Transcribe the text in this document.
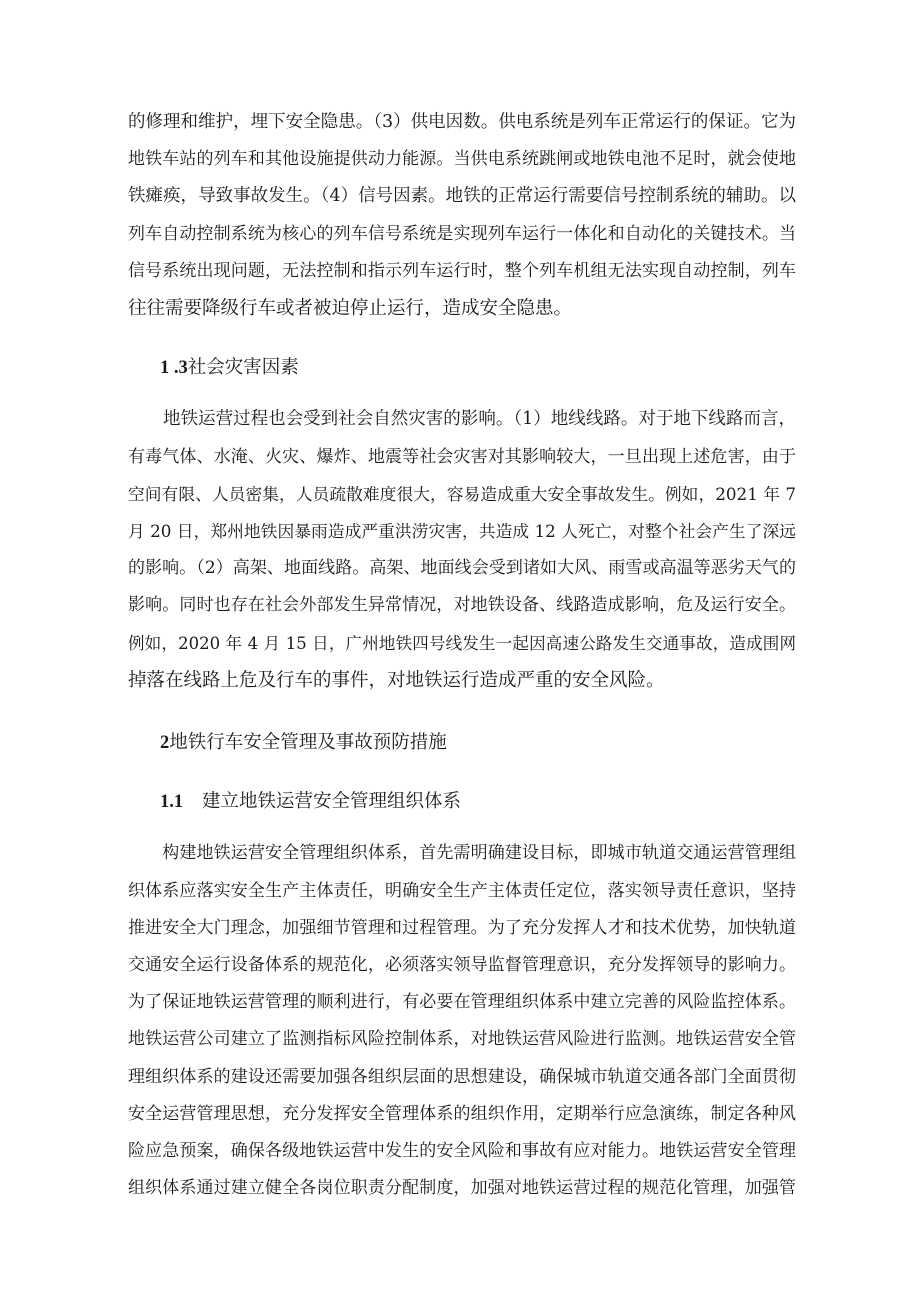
的修理和维护，埋下安全隐患。（3）供电因数。供电系统是列车正常运行的保证。它为
地铁车站的列车和其他设施提供动力能源。当供电系统跳闸或地铁电池不足时，就会使地
铁瘫痪，导致事故发生。（4）信号因素。地铁的正常运行需要信号控制系统的辅助。以
列车自动控制系统为核心的列车信号系统是实现列车运行一体化和自动化的关键技术。当
信号系统出现问题，无法控制和指示列车运行时，整个列车机组无法实现自动控制，列车
往往需要降级行车或者被迫停止运行，造成安全隐患。
1 .3社会灾害因素
　　地铁运营过程也会受到社会自然灾害的影响。（1）地线线路。对于地下线路而言，
有毒气体、水淹、火灾、爆炸、地震等社会灾害对其影响较大，一旦出现上述危害，由于
空间有限、人员密集，人员疏散难度很大，容易造成重大安全事故发生。例如，2021 年 7
月 20 日，郑州地铁因暴雨造成严重洪涝灾害，共造成 12 人死亡，对整个社会产生了深远
的影响。（2）高架、地面线路。高架、地面线会受到诸如大风、雨雪或高温等恶劣天气的
影响。同时也存在社会外部发生异常情况，对地铁设备、线路造成影响，危及运行安全。
例如，2020 年 4 月 15 日，广州地铁四号线发生一起因高速公路发生交通事故，造成围网
掉落在线路上危及行车的事件，对地铁运行造成严重的安全风险。
2地铁行车安全管理及事故预防措施
1.1 建立地铁运营安全管理组织体系
　　构建地铁运营安全管理组织体系，首先需明确建设目标，即城市轨道交通运营管理组
织体系应落实安全生产主体责任，明确安全生产主体责任定位，落实领导责任意识，坚持
推进安全大门理念，加强细节管理和过程管理。为了充分发挥人才和技术优势，加快轨道
交通安全运行设备体系的规范化，必须落实领导监督管理意识，充分发挥领导的影响力。
为了保证地铁运营管理的顺利进行，有必要在管理组织体系中建立完善的风险监控体系。
地铁运营公司建立了监测指标风险控制体系，对地铁运营风险进行监测。地铁运营安全管
理组织体系的建设还需要加强各组织层面的思想建设，确保城市轨道交通各部门全面贯彻
安全运营管理思想，充分发挥安全管理体系的组织作用，定期举行应急演练，制定各种风
险应急预案，确保各级地铁运营中发生的安全风险和事故有应对能力。地铁运营安全管理
组织体系通过建立健全各岗位职责分配制度，加强对地铁运营过程的规范化管理，加强管
